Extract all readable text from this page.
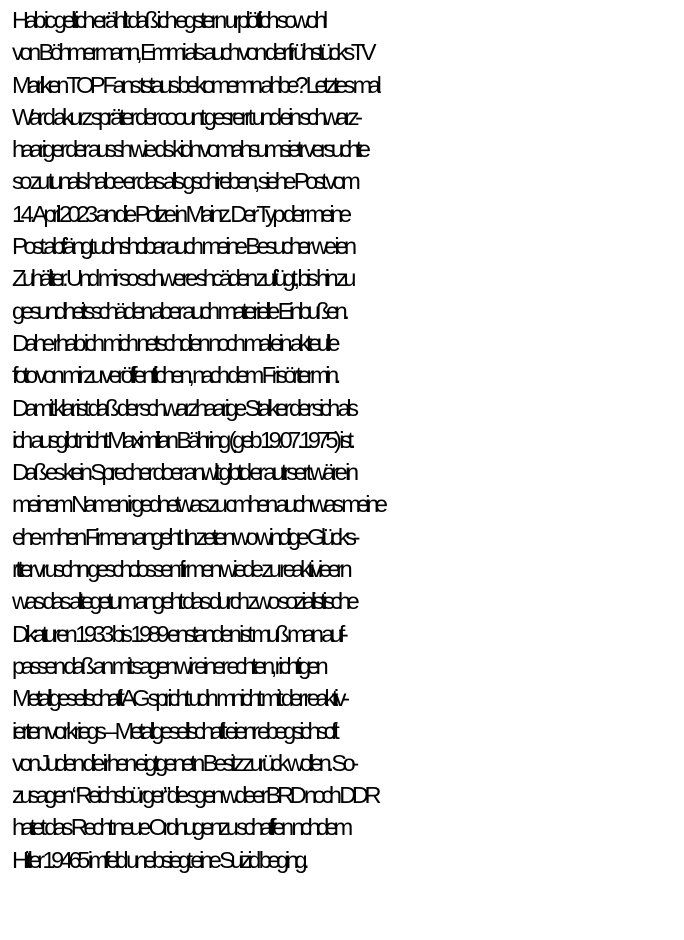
Hab ic geltich erählt daß ich egstern urplötlich sowohl
von Böhmermann, Emmi als auch von der frühstücksTV
Marlken TOP Fans tstaus bekomemn ahbe? Letztes mal
War d akurz spräter der coount gesrerrt und ein schwarz-
haariger der aussh wie ds kidn vomahsumsietr versuchte
so zu tunals habe er das alls gschireben, siehe Post vom
14. April 2023 an die Polize in Mainz. Der Typ der meine
Post abfängt udnshcibar auch meine Besucher we ien
Zuhälter. Und mir so schwere shcäden zufügt, bis hin zu
gesundheitsschäden aber auch materielle Einbußen.
Dahe rhab ich mich netschdien noch mal ein akteulle
foto von mir zu veröffentlichen, nach dem Frisörtermin.
Damit klar ist daß der schwarzhaarige Stalker der sich als
ich ausgibt nicht Maximilian Bähring (geb 19.07.1975) ist.
Daß es kein Sprecher doer anwlt gibtd er autrsert wäre in
meinem Namen irgednetwas zu cmhen auch was meine
ehe-mhen Firmen angeht. In zeten wo windige Glücks-
rtter vruschn geschclossen firmen wiede zu reaktivieern
was das altegetum angeht das durch zwo sozialistische
Dikaturen 1933 bis 1989 enstanden ist muß man auf-
passen daß an mit sagen wir einer echten, richtigen
Metallgesellschaft AG spricht udn mnicht mit der reaktiv-
ierten vorkriegs – Metallgesellschaft eienr ebegsichscft
von Juden die irhen eigtgenetn Besitz zurück wollen. So-
zusagen “Reichsbürger”die sgen wdeer BRD noch DDR
hatet das Recht neue Ordnugenzu schaffen nchdem
Hitler 19465 imfeld unebsiegt eine Suizid beging.
